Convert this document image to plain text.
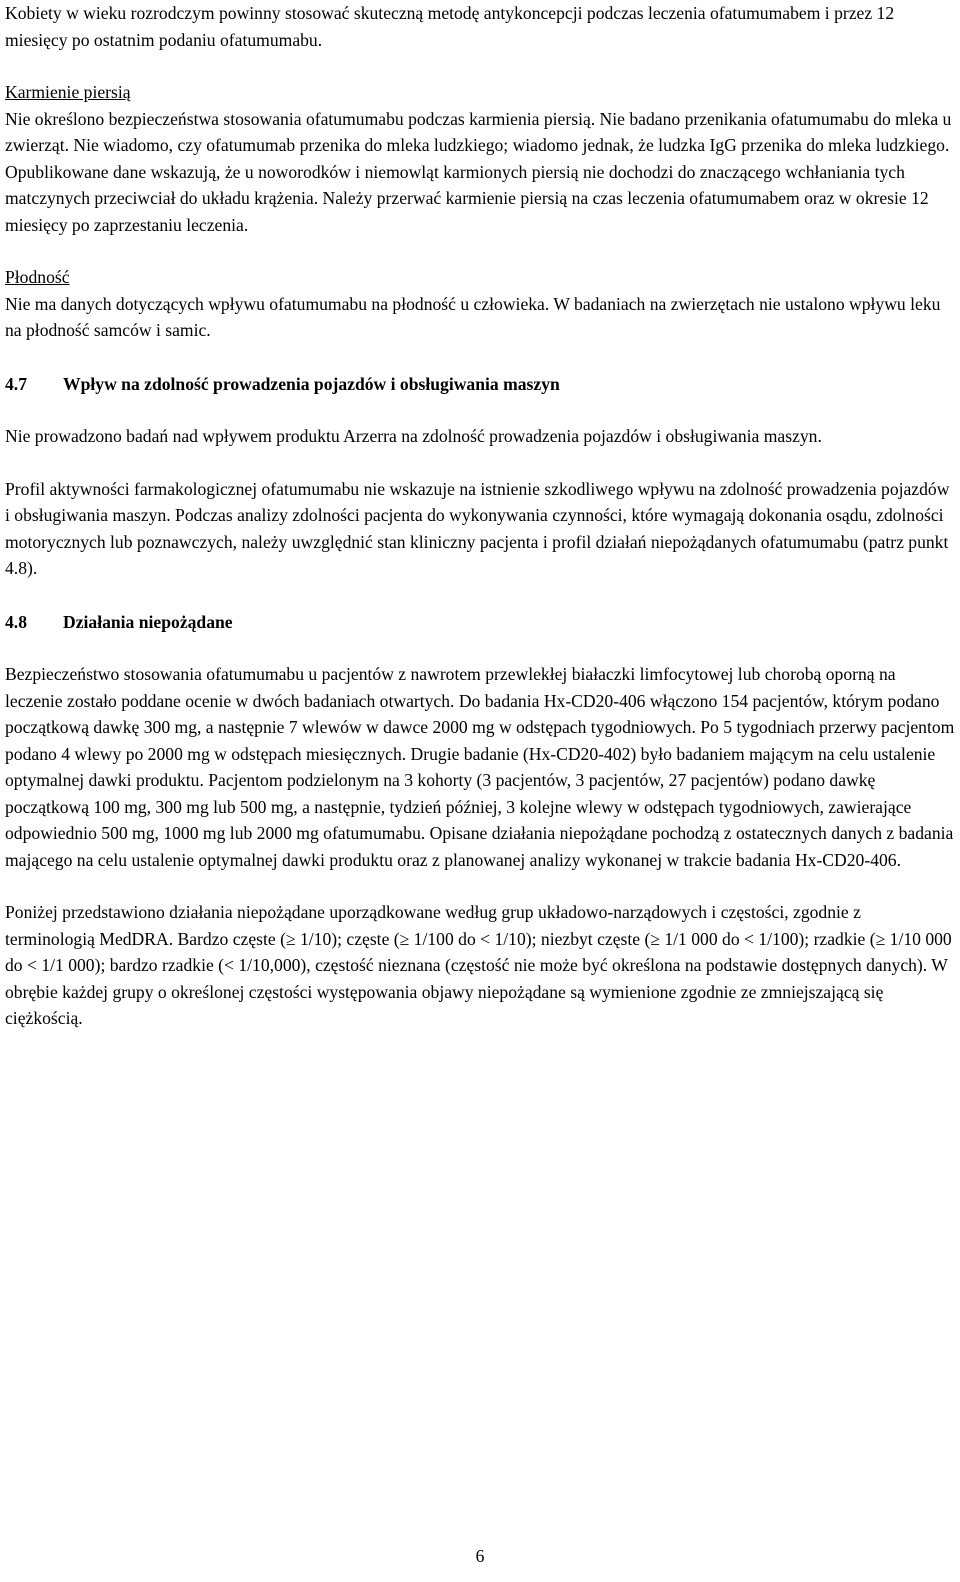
Kobiety w wieku rozrodczym powinny stosować skuteczną metodę antykoncepcji podczas leczenia ofatumumabem i przez 12 miesięcy po ostatnim podaniu ofatumumabu.

Karmienie piersią

Nie określono bezpieczeństwa stosowania ofatumumabu podczas karmienia piersią. Nie badano przenikania ofatumumabu do mleka u zwierząt. Nie wiadomo, czy ofatumumab przenika do mleka ludzkiego; wiadomo jednak, że ludzka IgG przenika do mleka ludzkiego. Opublikowane dane wskazują, że u noworodków i niemowląt karmionych piersią nie dochodzi do znaczącego wchłaniania tych matczynych przeciwciał do układu krążenia. Należy przerwać karmienie piersią na czas leczenia ofatumumabem oraz w okresie 12 miesięcy po zaprzestaniu leczenia.

Płodność

Nie ma danych dotyczących wpływu ofatumumabu na płodność u człowieka. W badaniach na zwierzętach nie ustalono wpływu leku na płodność samców i samic.

4.7 Wpływ na zdolność prowadzenia pojazdów i obsługiwania maszyn

Nie prowadzono badań nad wpływem produktu Arzerra na zdolność prowadzenia pojazdów i obsługiwania maszyn.

Profil aktywności farmakologicznej ofatumumabu nie wskazuje na istnienie szkodliwego wpływu na zdolność prowadzenia pojazdów i obsługiwania maszyn. Podczas analizy zdolności pacjenta do wykonywania czynności, które wymagają dokonania osądu, zdolności motorycznych lub poznawczych, należy uwzględnić stan kliniczny pacjenta i profil działań niepożądanych ofatumumabu (patrz punkt 4.8).

4.8 Działania niepożądane

Bezpieczeństwo stosowania ofatumumabu u pacjentów z nawrotem przewlekłej białaczki limfocytowej lub chorobą oporną na leczenie zostało poddane ocenie w dwóch badaniach otwartych. Do badania Hx-CD20-406 włączono 154 pacjentów, którym podano początkową dawkę 300 mg, a następnie 7 wlewów w dawce 2000 mg w odstępach tygodniowych. Po 5 tygodniach przerwy pacjentom podano 4 wlewy po 2000 mg w odstępach miesięcznych. Drugie badanie (Hx-CD20-402) było badaniem mającym na celu ustalenie optymalnej dawki produktu. Pacjentom podzielonym na 3 kohorty (3 pacjentów, 3 pacjentów, 27 pacjentów) podano dawkę początkową 100 mg, 300 mg lub 500 mg, a następnie, tydzień później, 3 kolejne wlewy w odstępach tygodniowych, zawierające odpowiednio 500 mg, 1000 mg lub 2000 mg ofatumumabu. Opisane działania niepożądane pochodzą z ostatecznych danych z badania mającego na celu ustalenie optymalnej dawki produktu oraz z planowanej analizy wykonanej w trakcie badania Hx-CD20-406.

Poniżej przedstawiono działania niepożądane uporządkowane według grup układowo-narządowych i częstości, zgodnie z terminologią MedDRA. Bardzo częste (≥ 1/10); częste (≥ 1/100 do < 1/10); niezbyt częste (≥ 1/1 000 do < 1/100); rzadkie (≥ 1/10 000 do < 1/1 000); bardzo rzadkie (< 1/10,000), częstość nieznana (częstość nie może być określona na podstawie dostępnych danych). W obrębie każdej grupy o określonej częstości występowania objawy niepożądane są wymienione zgodnie ze zmniejszającą się ciężkością.

6
